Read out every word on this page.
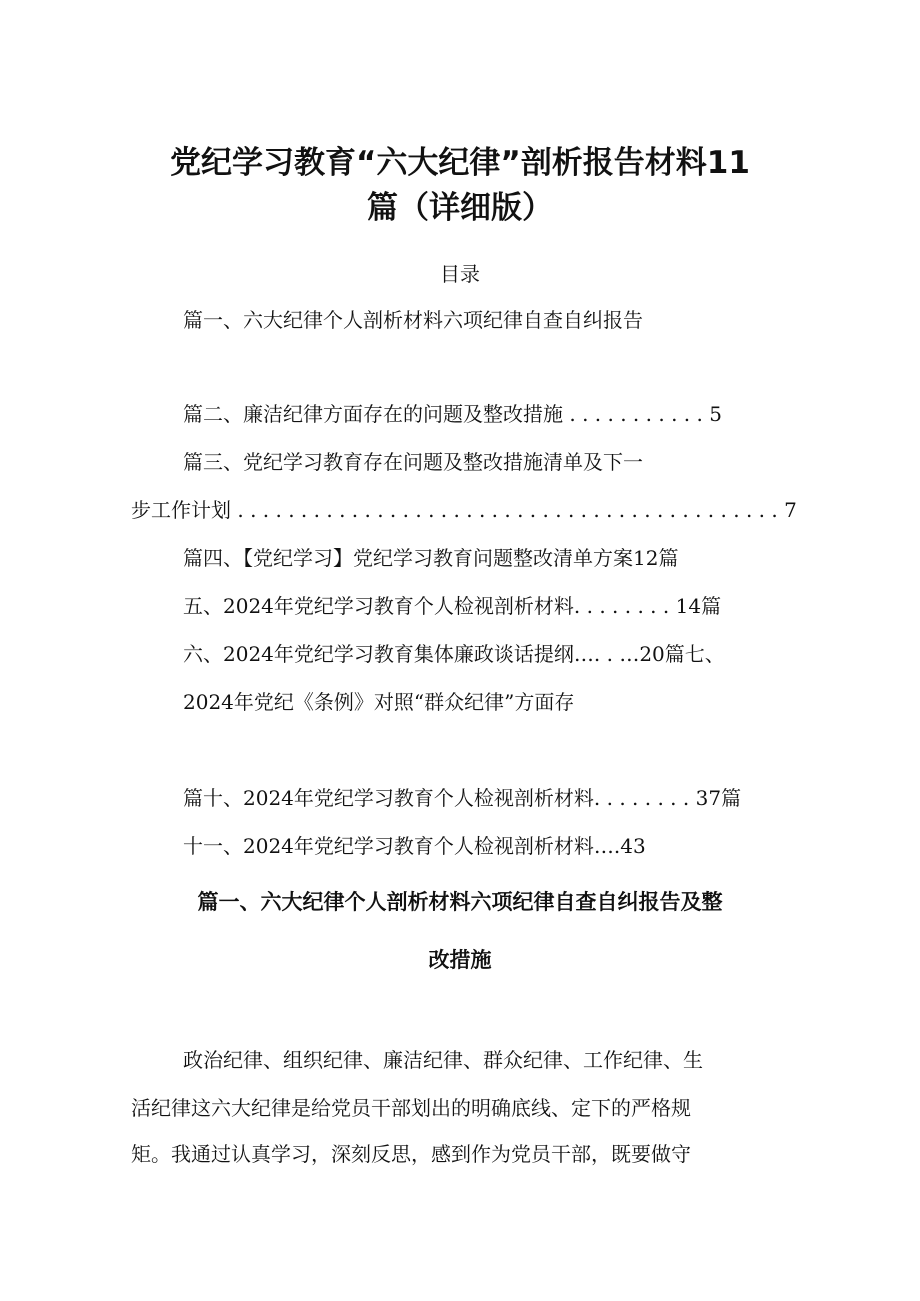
党纪学习教育“六大纪律”剖析报告材料11
篇（详细版）
目录
篇一、六大纪律个人剖析材料六项纪律自查自纠报告
篇二、廉洁纪律方面存在的问题及整改措施 . . . . . . . . . . . 5
篇三、党纪学习教育存在问题及整改措施清单及下一
步工作计划 . . . . . . . . . . . . . . . . . . . . . . . . . . . . . . . . . . . . . . . . . . . 7
篇四、【党纪学习】党纪学习教育问题整改清单方案12篇
五、2024年党纪学习教育个人检视剖析材料. . . . . . . . 14篇
六、2024年党纪学习教育集体廉政谈话提纲…. . …20篇七、
2024年党纪《条例》对照“群众纪律”方面存
篇十、2024年党纪学习教育个人检视剖析材料. . . . . . . . 37篇
十一、2024年党纪学习教育个人检视剖析材料….43
篇一、六大纪律个人剖析材料六项纪律自查自纠报告及整
改措施
政治纪律、组织纪律、廉洁纪律、群众纪律、工作纪律、生
活纪律这六大纪律是给党员干部划出的明确底线、定下的严格规
矩。我通过认真学习，深刻反思，感到作为党员干部，既要做守
